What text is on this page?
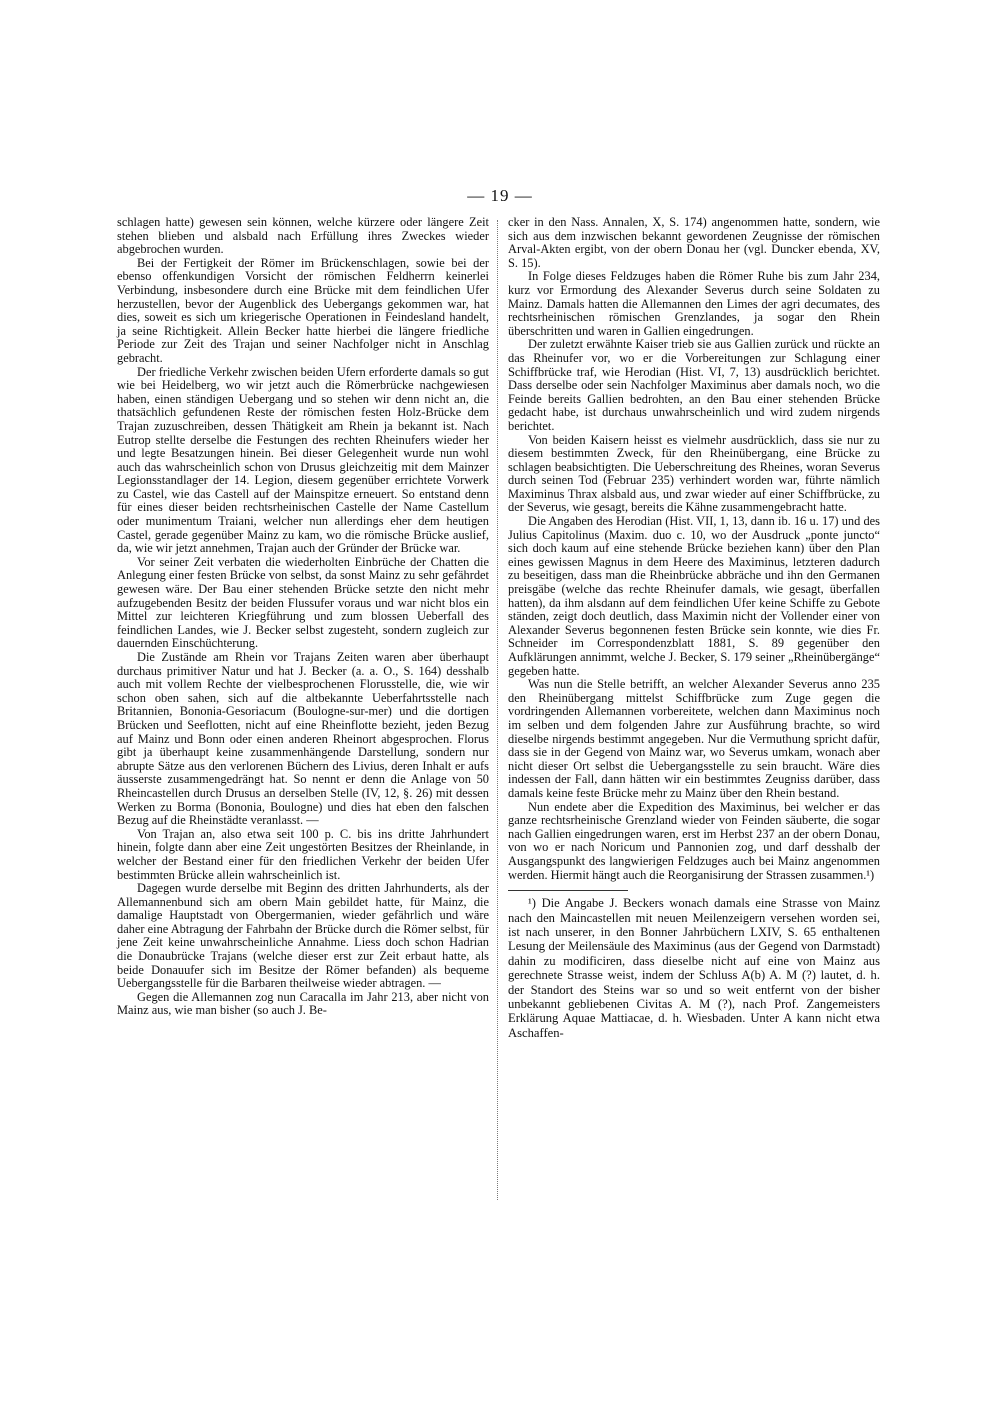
— 19 —

schlagen hatte) gewesen sein können, welche kürzere oder längere Zeit stehen blieben und alsbald nach Erfüllung ihres Zweckes wieder abgebrochen wurden.

Bei der Fertigkeit der Römer im Brückenschlagen, sowie bei der ebenso offenkundigen Vorsicht der römischen Feldherrn keinerlei Verbindung, insbesondere durch eine Brücke mit dem feindlichen Ufer herzustellen, bevor der Augenblick des Uebergangs gekommen war, hat dies, soweit es sich um kriegerische Operationen in Feindesland handelt, ja seine Richtigkeit. Allein Becker hatte hierbei die längere friedliche Periode zur Zeit des Trajan und seiner Nachfolger nicht in Anschlag gebracht.

Der friedliche Verkehr zwischen beiden Ufern erforderte damals so gut wie bei Heidelberg, wo wir jetzt auch die Römerbrücke nachgewiesen haben, einen ständigen Uebergang und so stehen wir denn nicht an, die thatsächlich gefundenen Reste der römischen festen Holz-Brücke dem Trajan zuzuschreiben, dessen Thätigkeit am Rhein ja bekannt ist. Nach Eutrop stellte derselbe die Festungen des rechten Rheinufers wieder her und legte Besatzungen hinein. Bei dieser Gelegenheit wurde nun wohl auch das wahrscheinlich schon von Drusus gleichzeitig mit dem Mainzer Legionsstandlager der 14. Legion, diesem gegenüber errichtete Vorwerk zu Castel, wie das Castell auf der Mainspitze erneuert. So entstand denn für eines dieser beiden rechtsrheinischen Castelle der Name Castellum oder munimentum Traiani, welcher nun allerdings eher dem heutigen Castel, gerade gegenüber Mainz zu kam, wo die römische Brücke auslief, da, wie wir jetzt annehmen, Trajan auch der Gründer der Brücke war.

Vor seiner Zeit verbaten die wiederholten Einbrüche der Chatten die Anlegung einer festen Brücke von selbst, da sonst Mainz zu sehr gefährdet gewesen wäre. Der Bau einer stehenden Brücke setzte den nicht mehr aufzugebenden Besitz der beiden Flussufer voraus und war nicht blos ein Mittel zur leichteren Kriegführung und zum blossen Ueberfall des feindlichen Landes, wie J. Becker selbst zugesteht, sondern zugleich zur dauernden Einschüchterung.

Die Zustände am Rhein vor Trajans Zeiten waren aber überhaupt durchaus primitiver Natur und hat J. Becker (a. a. O., S. 164) desshalb auch mit vollem Rechte der vielbesprochenen Florusstelle, die, wie wir schon oben sahen, sich auf die altbekannte Ueberfahrtsstelle nach Britannien, Bononia-Gesoriacum (Boulogne-sur-mer) und die dortigen Brücken und Seeflotten, nicht auf eine Rheinflotte bezieht, jeden Bezug auf Mainz und Bonn oder einen anderen Rheinort abgesprochen. Florus gibt ja überhaupt keine zusammenhängende Darstellung, sondern nur abrupte Sätze aus den verlorenen Büchern des Livius, deren Inhalt er aufs äusserste zusammengedrängt hat. So nennt er denn die Anlage von 50 Rheincastellen durch Drusus an derselben Stelle (IV, 12, §. 26) mit dessen Werken zu Borma (Bononia, Boulogne) und dies hat eben den falschen Bezug auf die Rheinstädte veranlasst. —

Von Trajan an, also etwa seit 100 p. C. bis ins dritte Jahrhundert hinein, folgte dann aber eine Zeit ungestörten Besitzes der Rheinlande, in welcher der Bestand einer für den friedlichen Verkehr der beiden Ufer bestimmten Brücke allein wahrscheinlich ist.

Dagegen wurde derselbe mit Beginn des dritten Jahrhunderts, als der Allemannenbund sich am obern Main gebildet hatte, für Mainz, die damalige Hauptstadt von Obergermanien, wieder gefährlich und wäre daher eine Abtragung der Fahrbahn der Brücke durch die Römer selbst, für jene Zeit keine unwahrscheinliche Annahme. Liess doch schon Hadrian die Donaubrücke Trajans (welche dieser erst zur Zeit erbaut hatte, als beide Donauufer sich im Besitze der Römer befanden) als bequeme Uebergangsstelle für die Barbaren theilweise wieder abtragen. —

Gegen die Allemannen zog nun Caracalla im Jahr 213, aber nicht von Mainz aus, wie man bisher (so auch J. Be-

cker in den Nass. Annalen, X, S. 174) angenommen hatte, sondern, wie sich aus dem inzwischen bekannt gewordenen Zeugnisse der römischen Arval-Akten ergibt, von der obern Donau her (vgl. Duncker ebenda, XV, S. 15).

In Folge dieses Feldzuges haben die Römer Ruhe bis zum Jahr 234, kurz vor Ermordung des Alexander Severus durch seine Soldaten zu Mainz. Damals hatten die Allemannen den Limes der agri decumates, des rechtsrheinischen römischen Grenzlandes, ja sogar den Rhein überschritten und waren in Gallien eingedrungen.

Der zuletzt erwähnte Kaiser trieb sie aus Gallien zurück und rückte an das Rheinufer vor, wo er die Vorbereitungen zur Schlagung einer Schiffbrücke traf, wie Herodian (Hist. VI, 7, 13) ausdrücklich berichtet. Dass derselbe oder sein Nachfolger Maximinus aber damals noch, wo die Feinde bereits Gallien bedrohten, an den Bau einer stehenden Brücke gedacht habe, ist durchaus unwahrscheinlich und wird zudem nirgends berichtet.

Von beiden Kaisern heisst es vielmehr ausdrücklich, dass sie nur zu diesem bestimmten Zweck, für den Rheinübergang, eine Brücke zu schlagen beabsichtigten. Die Ueberschreitung des Rheines, woran Severus durch seinen Tod (Februar 235) verhindert worden war, führte nämlich Maximinus Thrax alsbald aus, und zwar wieder auf einer Schiffbrücke, zu der Severus, wie gesagt, bereits die Kähne zusammengebracht hatte.

Die Angaben des Herodian (Hist. VII, 1, 13, dann ib. 16 u. 17) und des Julius Capitolinus (Maxim. duo c. 10, wo der Ausdruck „ponte juncto“ sich doch kaum auf eine stehende Brücke beziehen kann) über den Plan eines gewissen Magnus in dem Heere des Maximinus, letzteren dadurch zu beseitigen, dass man die Rheinbrücke abbräche und ihn den Germanen preisgäbe (welche das rechte Rheinufer damals, wie gesagt, überfallen hatten), da ihm alsdann auf dem feindlichen Ufer keine Schiffe zu Gebote ständen, zeigt doch deutlich, dass Maximin nicht der Vollender einer von Alexander Severus begonnenen festen Brücke sein konnte, wie dies Fr. Schneider im Correspondenzblatt 1881, S. 89 gegenüber den Aufklärungen annimmt, welche J. Becker, S. 179 seiner „Rheinübergänge“ gegeben hatte.

Was nun die Stelle betrifft, an welcher Alexander Severus anno 235 den Rheinübergang mittelst Schiffbrücke zum Zuge gegen die vordringenden Allemannen vorbereitete, welchen dann Maximinus noch im selben und dem folgenden Jahre zur Ausführung brachte, so wird dieselbe nirgends bestimmt angegeben. Nur die Vermuthung spricht dafür, dass sie in der Gegend von Mainz war, wo Severus umkam, wonach aber nicht dieser Ort selbst die Uebergangsstelle zu sein braucht. Wäre dies indessen der Fall, dann hätten wir ein bestimmtes Zeugniss darüber, dass damals keine feste Brücke mehr zu Mainz über den Rhein bestand.

Nun endete aber die Expedition des Maximinus, bei welcher er das ganze rechtsrheinische Grenzland wieder von Feinden säuberte, die sogar nach Gallien eingedrungen waren, erst im Herbst 237 an der obern Donau, von wo er nach Noricum und Pannonien zog, und darf desshalb der Ausgangspunkt des langwierigen Feldzuges auch bei Mainz angenommen werden. Hiermit hängt auch die Reorganisirung der Strassen zusammen.¹)

¹) Die Angabe J. Beckers wonach damals eine Strasse von Mainz nach den Maincastellen mit neuen Meilenzeigern versehen worden sei, ist nach unserer, in den Bonner Jahrbüchern LXIV, S. 65 enthaltenen Lesung der Meilensäule des Maximinus (aus der Gegend von Darmstadt) dahin zu modificiren, dass dieselbe nicht auf eine von Mainz aus gerechnete Strasse weist, indem der Schluss A(b) A. M (?) lautet, d. h. der Standort des Steins war so und so weit entfernt von der bisher unbekannt gebliebenen Civitas A. M (?), nach Prof. Zangemeisters Erklärung Aquae Mattiacae, d. h. Wiesbaden. Unter A kann nicht etwa Aschaffen-
